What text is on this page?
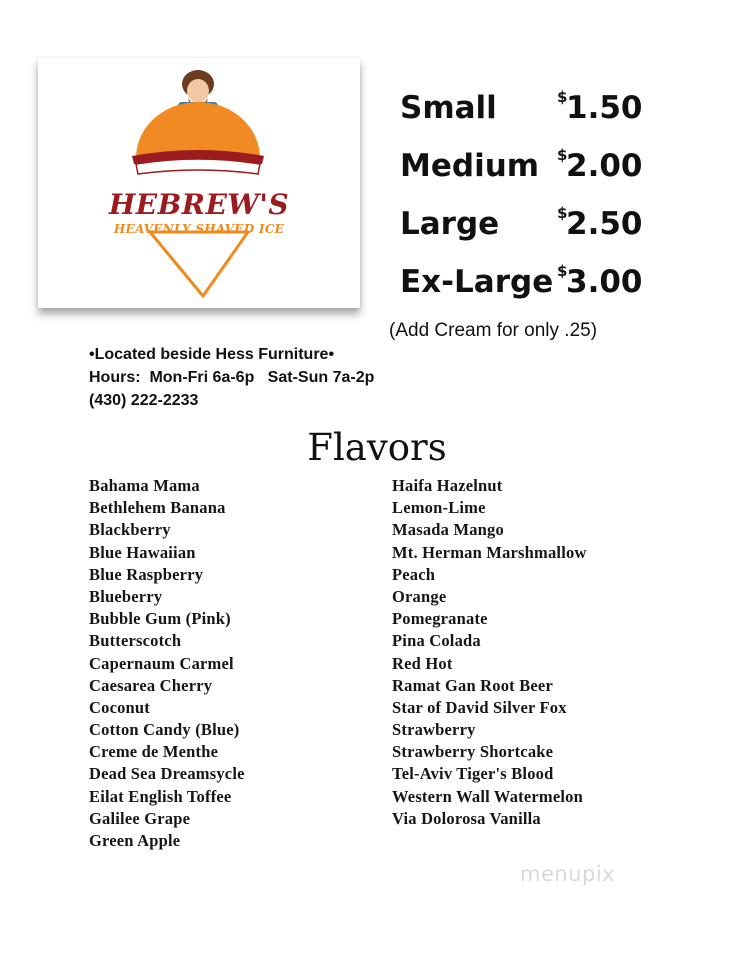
HEBREW'S
HEAVENLY SHAVED ICE
Small	$
1.50
Medium $
2.00
Large	$
2.50
Ex-Large $
3.00
(Add Cream for only .25)
•Located beside Hess Furniture•
Hours:  Mon-Fri 6a-6p   Sat-Sun 7a-2p
(430) 222-2233
Flavors
Bahama Mama
Bethlehem Banana
Blackberry
Blue Hawaiian
Blue Raspberry
Blueberry
Bubble Gum (Pink)
Butterscotch
Capernaum Carmel
Caesarea Cherry
Coconut
Cotton Candy (Blue)
Creme de Menthe
Dead Sea Dreamsycle
Eilat English Toffee
Galilee Grape
Green Apple
Haifa Hazelnut
Lemon-Lime
Masada Mango
Mt. Herman Marshmallow
Peach
Orange
Pomegranate
Pina Colada
Red Hot
Ramat Gan Root Beer
Star of David Silver Fox
Strawberry
Strawberry Shortcake
Tel-Aviv Tiger's Blood
Western Wall Watermelon
Via Dolorosa Vanilla
menupix
